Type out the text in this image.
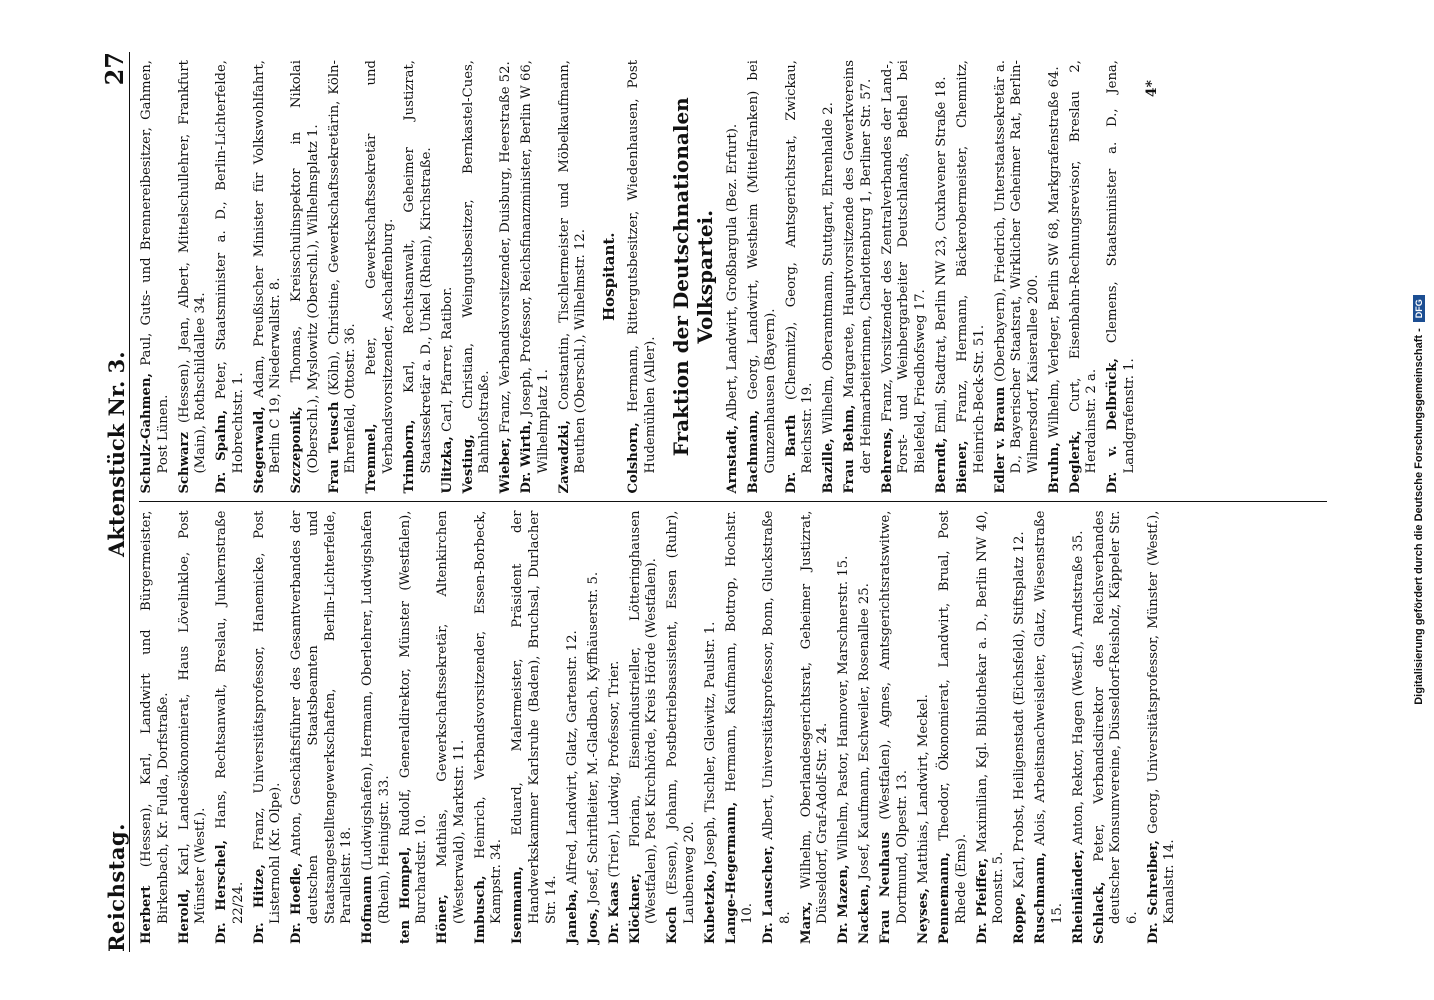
Reichstag.
Aktenstück Nr. 3.
27
Herbert (Hessen), Karl, Landwirt und Bürgermeister, Birkenbach, Kr. Fulda, Dorfstraße. Herold, Karl, Landesökonomierat, Haus Lövelinkloe, Post Münster (Westf.). Dr. Herschel, Hans, Rechtsanwalt, Breslau, Junkernstraße 22/24. Dr. Hitze, Franz, Universitätsprofessor, Hanemicke, Post Listernohl (Kr. Olpe). Dr. Hoefle, Anton, Geschäftsführer des Gesamtverbandes der deutschen Staatsbeamten und Staatsangestelltengewerkschaften, Berlin-Lichterfelde, Parallelstr. 18. Hofmann (Ludwigshafen), Hermann, Oberlehrer, Ludwigshafen (Rhein), Heinigstr. 33. ten Hompel, Rudolf, Generaldirektor, Münster (Westfalen), Burchardstr. 10. Höner, Mathias, Gewerkschaftssekretär, Altenkirchen (Westerwald), Marktstr. 11. Imbusch, Heinrich, Verbandsvorsitzender, Essen-Borbeck, Kampstr. 34. Isenmann, Eduard, Malermeister, Präsident der Handwerkskammer Karlsruhe (Baden), Bruchsal, Durlacher Str. 14. Janeba, Alfred, Landwirt, Glatz, Gartenstr. 12.
Joos, Josef, Schriftleiter, M.-Gladbach, Kyffhäuserstr. 5.
Dr. Kaas (Trier), Ludwig, Professor, Trier.
Klöckner, Florian, Eisenindustrieller, Lötteringhausen (Westfalen), Post Kirchhörde, Kreis Hörde (Westfalen).
Koch (Essen), Johann, Postbetriebsassistent, Essen (Ruhr), Laubenweg 20. Kubetzko, Joseph, Tischler, Gleiwitz, Paulstr. 1.
Lange-Hegermann, Hermann, Kaufmann, Bottrop, Hochstr. 10. Dr. Lauscher, Albert, Universitätsprofessor, Bonn, Gluckstraße 8. Marx, Wilhelm, Oberlandesgerichtsrat, Geheimer Justizrat, Düsseldorf, Graf-Adolf-Str. 24. Dr. Mazen, Wilhelm, Pastor, Hannover, Marschnerstr. 15.
Nacken, Josef, Kaufmann, Eschweiler, Rosenallee 25.
Frau Neuhaus (Westfalen), Agnes, Amtsgerichtsratswitwe, Dortmund, Olpestr. 13. Neyses, Matthias, Landwirt, Meckel.
Pennemann, Theodor, Ökonomierat, Landwirt, Brual, Post Rhede (Ems). Dr. Pfeiffer, Maximilian, Kgl. Bibliothekar a. D., Berlin NW 40, Roonstr. 5. Roppe, Karl, Probst, Heiligenstadt (Eichsfeld), Stiftsplatz 12.
Ruschmann, Alois, Arbeitsnachweisleiter, Glatz, Wiesenstraße 15. Rheinländer, Anton, Rektor, Hagen (Westf.), Arndtstraße 35.
Schlack, Peter, Verbandsdirektor des Reichsverbandes deutscher Konsumvereine, Düsseldorf-Reisholz, Käppeler Str. 6. Dr. Schreiber, Georg, Universitätsprofessor, Münster (Westf.), Kanalstr. 14.
Schulz-Gahmen, Paul, Guts- und Brennereibesitzer, Gahmen, Post Lünen. Schwarz (Hessen), Jean, Albert, Mittelschullehrer, Frankfurt (Main), Rothschildallee 34. Dr. Spahn, Peter, Staatsminister a. D., Berlin-Lichterfelde, Hobrechtstr. 1. Stegerwald, Adam, Preußischer Minister für Volkswohlfahrt, Berlin C 19, Niederwallstr. 8. Szczeponik, Thomas, Kreisschulinspektor in Nikolai (Oberschl.), Myslowitz (Oberschl.), Wilhelmsplatz 1. Frau Teusch (Köln), Christine, Gewerkschaftssekretärin, Köln-Ehrenfeld, Ottostr. 36. Tremmel, Peter, Gewerkschaftssekretär und Verbandsvorsitzender, Aschaffenburg. Trimborn, Karl, Rechtsanwalt, Geheimer Justizrat, Staatssekretär a. D., Unkel (Rhein), Kirchstraße. Ulitzka, Carl, Pfarrer, Ratibor.
Vesting, Christian, Weingutsbesitzer, Bernkastel-Cues, Bahnhofstraße. Wieber, Franz, Verbandsvorsitzender, Duisburg, Heerstraße 52.
Dr. Wirth, Joseph, Professor, Reichsfinanzminister, Berlin W 66, Wilhelmplatz 1. Zawadzki, Constantin, Tischlermeister und Möbelkaufmann, Beuthen (Oberschl.), Wilhelmstr. 12. Hospitant.
Colshorn, Hermann, Rittergutsbesitzer, Wiedenhausen, Post Hudemühlen (Aller). Fraktion der Deutschnationalen Volkspartei.
Arnstadt, Albert, Landwirt, Großbargula (Bez. Erfurt).
Bachmann, Georg, Landwirt, Westheim (Mittelfranken) bei Gunzenhausen (Bayern). Dr. Barth (Chemnitz), Georg, Amtsgerichtsrat, Zwickau, Reichsstr. 19. Bazille, Wilhelm, Oberamtmann, Stuttgart, Ehrenhalde 2.
Frau Behm, Margarete, Hauptvorsitzende des Gewerkvereins der Heimarbeiterinnen, Charlottenburg 1, Berliner Str. 57. Behrens, Franz, Vorsitzender des Zentralverbandes der Land-, Forst- und Weinbergarbeiter Deutschlands, Bethel bei Bielefeld, Friedhofsweg 17. Berndt, Emil, Stadtrat, Berlin NW 23, Cuxhavener Straße 18.
Biener, Franz, Hermann, Bäckerobermeister, Chemnitz, Heinrich-Beck-Str. 51. Edler v. Braun (Oberbayern), Friedrich, Unterstaatssekretär a. D., Bayerischer Staatsrat, Wirklicher Geheimer Rat, Berlin-Wilmersdorf, Kaiserallee 200. Bruhn, Wilhelm, Verleger, Berlin SW 68, Markgrafenstraße 64.
Deglerk, Curt, Eisenbahn-Rechnungsrevisor, Breslau 2, Herdainstr. 2 a. Dr. v. Delbrück, Clemens, Staatsminister a. D., Jena, Landgrafenstr. 1.
4*
Digitalisierung gefördert durch die Deutsche Forschungsgemeinschaft -
DFG
